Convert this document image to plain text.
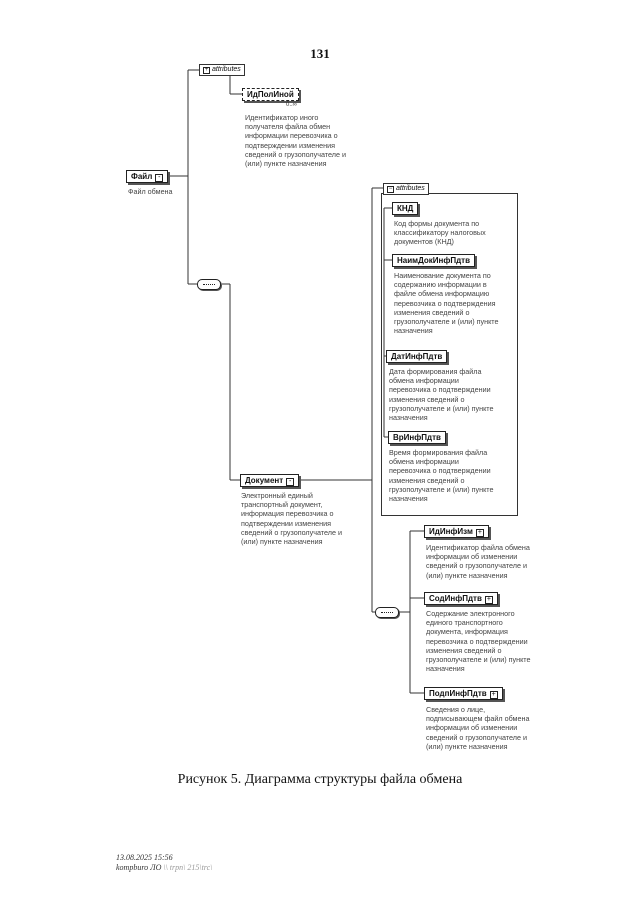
131
+ attributes
ИдПолИной
0..∞
Идентификатор иного
получателя файла обмен
информации перевозчика о
подтверждении изменения
сведений о грузополучателе и
(или) пункте назначения
Файл -
Файл обмена
Документ -
Электронный единый
транспортный документ,
информация перевозчика о
подтверждении изменения
сведений о грузополучателе и
(или) пункте назначения
− attributes
КНД
Код формы документа по
классификатору налоговых
документов (КНД)
НаимДокИнфПдтв
Наименование документа по
содержанию информации в
файле обмена информацию
перевозчика о подтверждения
изменения сведений о
грузополучателе и (или) пункте
назначения
ДатИнфПдтв
Дата формирования файла
обмена информации
перевозчика о подтверждении
изменения сведений о
грузополучателе и (или) пункте
назначения
ВрИнфПдтв
Время формирования файла
обмена информации
перевозчика о подтверждении
изменения сведений о
грузополучателе и (или) пункте
назначения
ИдИнфИзм +
Идентификатор файла обмена
информации об изменении
сведений о грузополучателе и
(или) пункте назначения
СодИнфПдтв +
Содержание электронного
единого транспортного
документа, информация
перевозчика о подтверждении
изменения сведений о
грузополучателе и (или) пункте
назначения
ПодпИнфПдтв +
Сведения о лице,
подписывающем файл обмена
информации об изменении
сведений о грузополучателе и
(или) пункте назначения
Рисунок 5. Диаграмма структуры файла обмена
13.08.2025 15:56
kompburo ЛО \\ trpn\ 215\trc\
